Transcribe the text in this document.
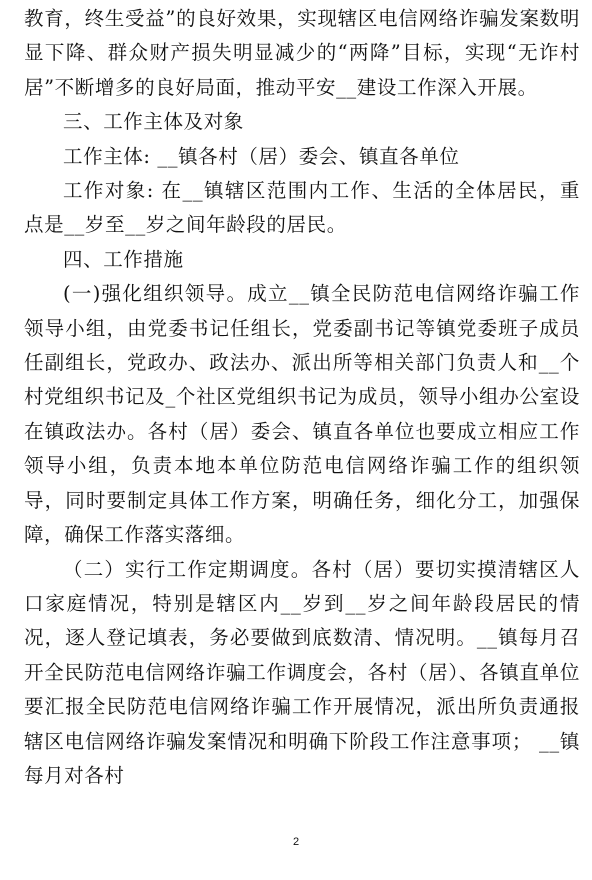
教育，终生受益”的良好效果，实现辖区电信网络诈骗发案数明显下降、群众财产损失明显减少的“两降”目标，实现“无诈村居”不断增多的良好局面，推动平安__建设工作深入开展。

三、工作主体及对象

工作主体: __镇各村（居）委会、镇直各单位

工作对象: 在__镇辖区范围内工作、生活的全体居民，重点是__岁至__岁之间年龄段的居民。

四、工作措施

(一)强化组织领导。成立__镇全民防范电信网络诈骗工作领导小组，由党委书记任组长，党委副书记等镇党委班子成员任副组长，党政办、政法办、派出所等相关部门负责人和__个村党组织书记及_个社区党组织书记为成员，领导小组办公室设在镇政法办。各村（居）委会、镇直各单位也要成立相应工作领导小组，负责本地本单位防范电信网络诈骗工作的组织领导，同时要制定具体工作方案，明确任务，细化分工，加强保障，确保工作落实落细。

（二）实行工作定期调度。各村（居）要切实摸清辖区人口家庭情况，特别是辖区内__岁到__岁之间年龄段居民的情况，逐人登记填表，务必要做到底数清、情况明。__镇每月召开全民防范电信网络诈骗工作调度会，各村（居）、各镇直单位要汇报全民防范电信网络诈骗工作开展情况，派出所负责通报辖区电信网络诈骗发案情况和明确下阶段工作注意事项； __镇每月对各村

2
